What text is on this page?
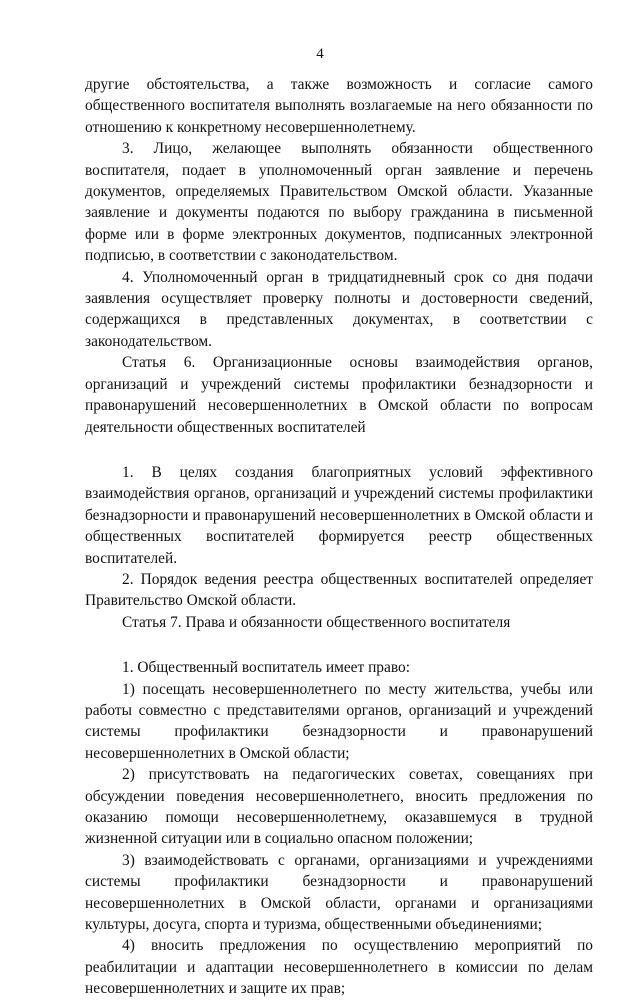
4

другие обстоятельства, а также возможность и согласие самого общественного воспитателя выполнять возлагаемые на него обязанности по отношению к конкретному несовершеннолетнему.

3. Лицо, желающее выполнять обязанности общественного воспитателя, подает в уполномоченный орган заявление и перечень документов, определяемых Правительством Омской области. Указанные заявление и документы подаются по выбору гражданина в письменной форме или в форме электронных документов, подписанных электронной подписью, в соответствии с законодательством.

4. Уполномоченный орган в тридцатидневный срок со дня подачи заявления осуществляет проверку полноты и достоверности сведений, содержащихся в представленных документах, в соответствии с законодательством.

Статья 6. Организационные основы взаимодействия органов, организаций и учреждений системы профилактики безнадзорности и правонарушений несовершеннолетних в Омской области по вопросам деятельности общественных воспитателей

1. В целях создания благоприятных условий эффективного взаимодействия органов, организаций и учреждений системы профилактики безнадзорности и правонарушений несовершеннолетних в Омской области и общественных воспитателей формируется реестр общественных воспитателей.

2. Порядок ведения реестра общественных воспитателей определяет Правительство Омской области.

Статья 7. Права и обязанности общественного воспитателя

1. Общественный воспитатель имеет право:

1) посещать несовершеннолетнего по месту жительства, учебы или работы совместно с представителями органов, организаций и учреждений системы профилактики безнадзорности и правонарушений несовершеннолетних в Омской области;

2) присутствовать на педагогических советах, совещаниях при обсуждении поведения несовершеннолетнего, вносить предложения по оказанию помощи несовершеннолетнему, оказавшемуся в трудной жизненной ситуации или в социально опасном положении;

3) взаимодействовать с органами, организациями и учреждениями системы профилактики безнадзорности и правонарушений несовершеннолетних в Омской области, органами и организациями культуры, досуга, спорта и туризма, общественными объединениями;

4) вносить предложения по осуществлению мероприятий по реабилитации и адаптации несовершеннолетнего в комиссии по делам несовершеннолетних и защите их прав;
